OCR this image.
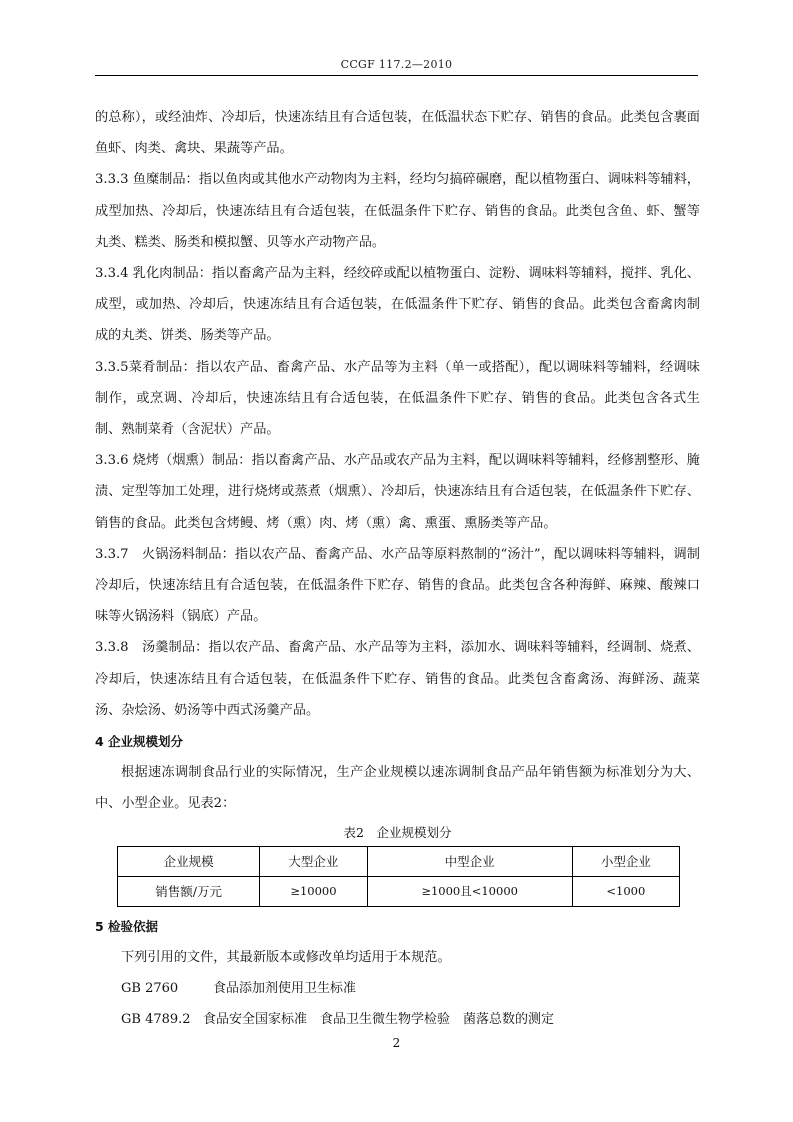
CCGF 117.2—2010

的总称），或经油炸、冷却后，快速冻结且有合适包装，在低温状态下贮存、销售的食品。此类包含裹面鱼虾、肉类、禽块、果蔬等产品。

3.3.3 鱼糜制品：指以鱼肉或其他水产动物肉为主料，经均匀搞碎碾磨，配以植物蛋白、调味料等辅料，成型加热、冷却后，快速冻结且有合适包装，在低温条件下贮存、销售的食品。此类包含鱼、虾、蟹等丸类、糕类、肠类和模拟蟹、贝等水产动物产品。

3.3.4 乳化肉制品：指以畜禽产品为主料，经绞碎或配以植物蛋白、淀粉、调味料等辅料，搅拌、乳化、成型，或加热、冷却后，快速冻结且有合适包装，在低温条件下贮存、销售的食品。此类包含畜禽肉制成的丸类、饼类、肠类等产品。

3.3.5菜肴制品：指以农产品、畜禽产品、水产品等为主料（单一或搭配），配以调味料等辅料，经调味制作，或烹调、冷却后，快速冻结且有合适包装，在低温条件下贮存、销售的食品。此类包含各式生制、熟制菜肴（含泥状）产品。

3.3.6 烧烤（烟熏）制品：指以畜禽产品、水产品或农产品为主料，配以调味料等辅料，经修割整形、腌渍、定型等加工处理，进行烧烤或蒸煮（烟熏）、冷却后，快速冻结且有合适包装，在低温条件下贮存、销售的食品。此类包含烤鳗、烤（熏）肉、烤（熏）禽、熏蛋、熏肠类等产品。

3.3.7　火锅汤料制品：指以农产品、畜禽产品、水产品等原料熬制的“汤汁”，配以调味料等辅料，调制冷却后，快速冻结且有合适包装，在低温条件下贮存、销售的食品。此类包含各种海鲜、麻辣、酸辣口味等火锅汤料（锅底）产品。

3.3.8　汤羹制品：指以农产品、畜禽产品、水产品等为主料，添加水、调味料等辅料，经调制、烧煮、冷却后，快速冻结且有合适包装，在低温条件下贮存、销售的食品。此类包含畜禽汤、海鲜汤、蔬菜汤、杂烩汤、奶汤等中西式汤羹产品。

4 企业规模划分

根据速冻调制食品行业的实际情况，生产企业规模以速冻调制食品产品年销售额为标准划分为大、中、小型企业。见表2：

表2　企业规模划分

企业规模	大型企业	中型企业	小型企业
销售额/万元	≥10000	≥1000且<10000	<1000

5 检验依据

下列引用的文件，其最新版本或修改单均适用于本规范。

GB 2760	食品添加剂使用卫生标准

GB 4789.2 食品安全国家标准　食品卫生微生物学检验　菌落总数的测定

2
